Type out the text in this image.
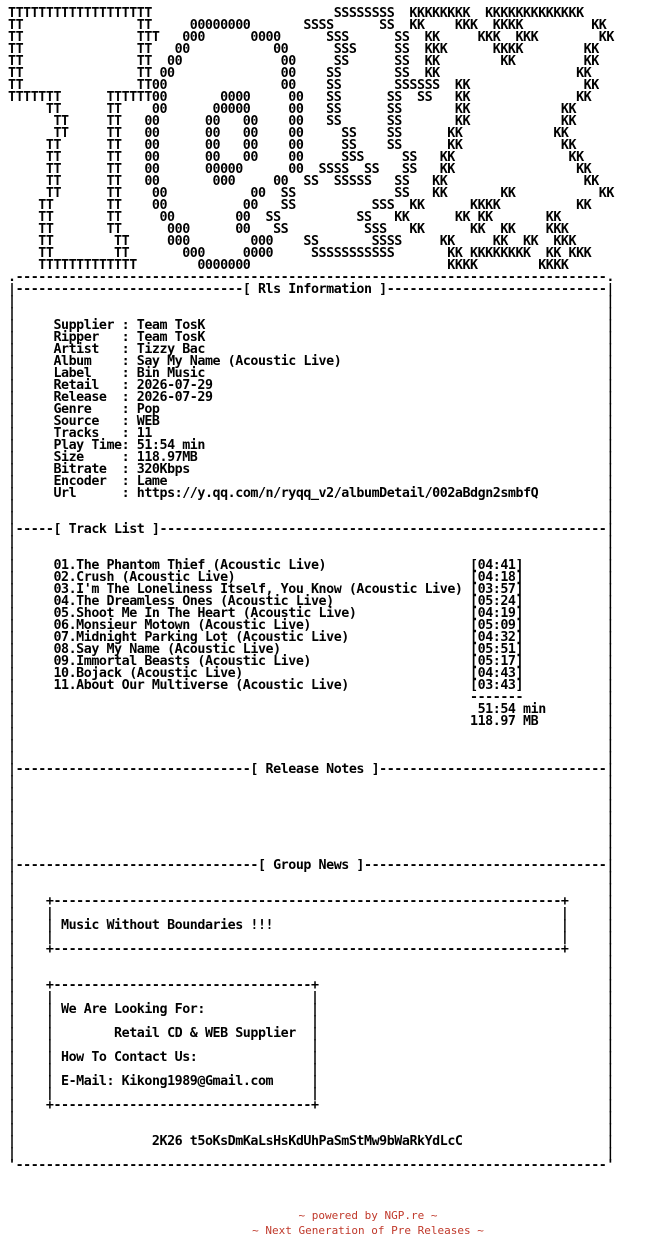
TTTTTTTTTTTTTTTTTTT                        SSSSSSSS  KKKKKKKK  KKKKKKKKKKKKK
TT               TT     00000000       SSSS      SS  KK    KKK  KKKK         KK
TT               TTT   000      0000      SSS      SS  KK     KKK  KKK        KK
TT               TT   00           00      SSS     SS  KKK      KKKK        KK
TT               TT  00             00     SS      SS  KK        KK         KK
TT               TT 00              00    SS       SS  KK                  KK
TT               TT00               00    SS       SSSSSS  KK               KK
TTTTTTT      TTTTTT00       0000     00   SS      SS  SS   KK              KK
TT      TT    00      00000     00   SS      SS       KK            KK
TT     TT   00      00   00    00   SS      SS       KK            KK
TT     TT   00      00   00    00     SS    SS      KK            KK
TT      TT   00      00   00    00     SS    SS      KK             KK
TT      TT   00      00   00    00     SSS     SS   KK               KK
TT      TT   00      00000      00  SSSS  SS   SS   KK                KK
TT      TT   00       000     00  SS  SSSSS   SS   KK                  KK
TT      TT    00           00  SS             SS   KK       KK           KK
TT       TT    00          00   SS          SSS  KK      KKKK          KK
TT       TT     00        00  SS          SS   KK      KK KK       KK
TT       TT      000      00   SS          SSS   KK      KK  KK    KKK
TT        TT     000        000    SS       SSSS     KK     KK  KK  KKK
TT        TT       000     0000     SSSSSSSSSSS       KK KKKKKKKK  KK KKK
TTTTTTTTTTTTT        0000000                          KKKK        KKKK
.------------------------------------------------------------------------------.
|------------------------------[ Rls Information ]-----------------------------|
|                                                                              |
|                                                                              |
|     Supplier : Team TosK	|
|     Ripper   : Team TosK	|
|     Artist   : Tizzy Bac	|
|     Album    : Say My Name (Acoustic Live)	|
|     Label    : Bin Music	|
|     Retail   : 2026-07-29	|
|     Release  : 2026-07-29	|
|     Genre    : Pop	|
|     Source   : WEB	|
|     Tracks   : 11	|
|     Play Time: 51:54 min	|
|     Size     : 118.97MB	|
|     Bitrate  : 320Kbps	|
|     Encoder  : Lame	|
|     Url      : https://y.qq.com/n/ryqq_v2/albumDetail/002aBdgn2smbfQ	|
|                                                                              |
|                                                                              |
|-----[ Track List ]-----------------------------------------------------------|
|                                                                              |
|                                                                              |
|     01.The Phantom Thief (Acoustic Live)                   [04:41]           |
|     02.Crush (Acoustic Live)                               [04:18]           |
|     03.I'm The Loneliness Itself, You Know (Acoustic Live) [03:57]           |
|     04.The Dreamless Ones (Acoustic Live)                  [05:24]           |
|     05.Shoot Me In The Heart (Acoustic Live)               [04:19]           |
|     06.Monsieur Motown (Acoustic Live)                     [05:09]           |
|     07.Midnight Parking Lot (Acoustic Live)                [04:32]           |
|     08.Say My Name (Acoustic Live)                         [05:51]           |
|     09.Immortal Beasts (Acoustic Live)                     [05:17]           |
|     10.Bojack (Acoustic Live)                              [04:43]           |
|     11.About Our Multiverse (Acoustic Live)                [03:43]           |
|                                                            -------           |
|                                                             51:54 min	|
|                                                            118.97 MB	|
|                                                                              |
|                                                                              |
|                                                                              |
|-------------------------------[ Release Notes ]------------------------------|
|                                                                              |
|                                                                              |
|                                                                              |
|                                                                              |
|                                                                              |
|                                                                              |
|                                                                              |
|--------------------------------[ Group News ]--------------------------------|
|                                                                              |
|                                                                              |
|    +-------------------------------------------------------------------+     |
|    |                                                                   |     |
|    | Music Without Boundaries !!!	|     |
|    |                                                                   |     |
|    +-------------------------------------------------------------------+     |
|                                                                              |
|                                                                              |
|    +----------------------------------+                                      |
|    |                                  |                                      |
|    | We Are Looking For:	|                                      |
|    |                                  |                                      |
|    |        Retail CD & WEB Supplier  |                                      |
|    |                                  |                                      |
|    | How To Contact Us:	|                                      |
|    |                                  |                                      |
|    | E-Mail: Kikong1989@Gmail.com	|                                      |
|    |                                  |                                      |
|    +----------------------------------+                                      |
|                                                                              |
|                                                                              |
|                  2K26 t5oKsDmKaLsHsKdUhPaSmStMw9bWaRkYdLcC	|
|                                                                              |
'------------------------------------------------------------------------------'

~ powered by NGP.re ~
~ Next Generation of Pre Releases ~
